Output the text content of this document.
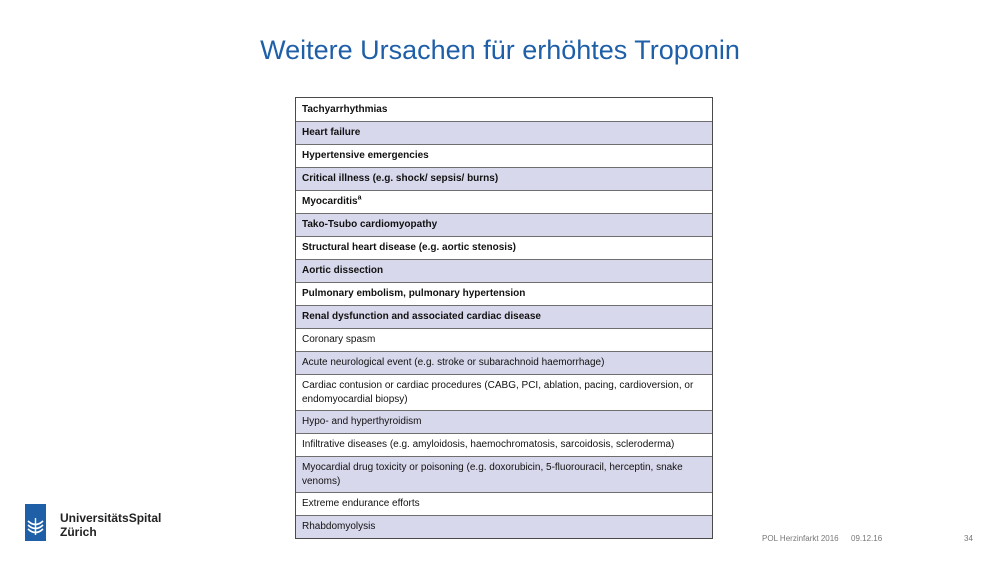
Weitere Ursachen für erhöhtes Troponin
Tachyarrhythmias
Heart failure
Hypertensive emergencies
Critical illness (e.g. shock/ sepsis/ burns)
Myocarditis$^a$
Tako-Tsubo cardiomyopathy
Structural heart disease (e.g. aortic stenosis)
Aortic dissection
Pulmonary embolism, pulmonary hypertension
Renal dysfunction and associated cardiac disease
Coronary spasm
Acute neurological event (e.g. stroke or subarachnoid haemorrhage)
Cardiac contusion or cardiac procedures (CABG, PCI, ablation, pacing, cardioversion, or endomyocardial biopsy)
Hypo- and hyperthyroidism
Infiltrative diseases (e.g. amyloidosis, haemochromatosis, sarcoidosis, scleroderma)
Myocardial drug toxicity or poisoning (e.g. doxorubicin, 5-fluorouracil, herceptin, snake venoms)
Extreme endurance efforts
Rhabdomyolysis
UniversitätsSpital
Zürich	POL Herzinfarkt 2016 09.12.16	34
